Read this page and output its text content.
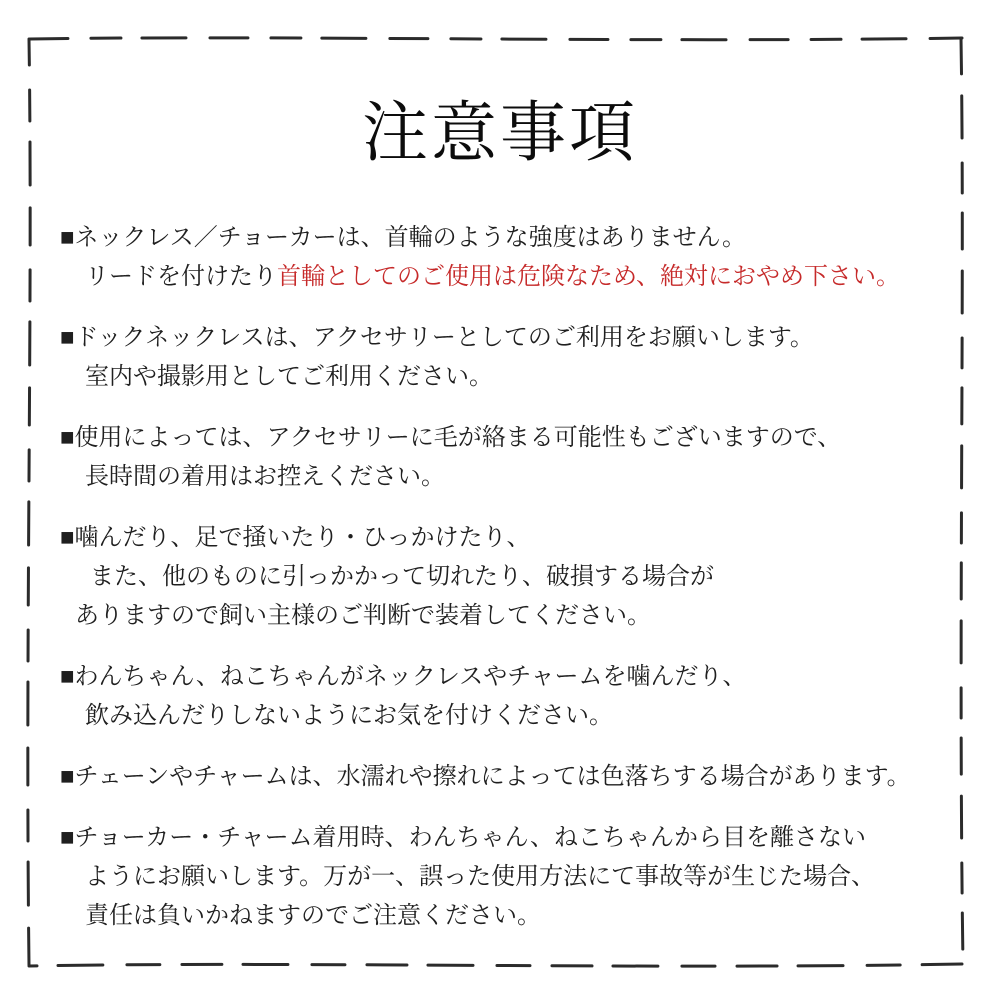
注意事項

■ネックレス／チョーカーは、首輪のような強度はありません。
リードを付けたり首輪としてのご使用は危険なため、絶対におやめ下さい。

■ドックネックレスは、アクセサリーとしてのご利用をお願いします。
室内や撮影用としてご利用ください。

■使用によっては、アクセサリーに毛が絡まる可能性もございますので、
長時間の着用はお控えください。

■噛んだり、足で掻いたり・ひっかけたり、
また、他のものに引っかかって切れたり、破損する場合が
ありますので飼い主様のご判断で装着してください。

■わんちゃん、ねこちゃんがネックレスやチャームを噛んだり、
飲み込んだりしないようにお気を付けください。

■チェーンやチャームは、水濡れや擦れによっては色落ちする場合があります。

■チョーカー・チャーム着用時、わんちゃん、ねこちゃんから目を離さない
ようにお願いします。万が一、誤った使用方法にて事故等が生じた場合、
責任は負いかねますのでご注意ください。
